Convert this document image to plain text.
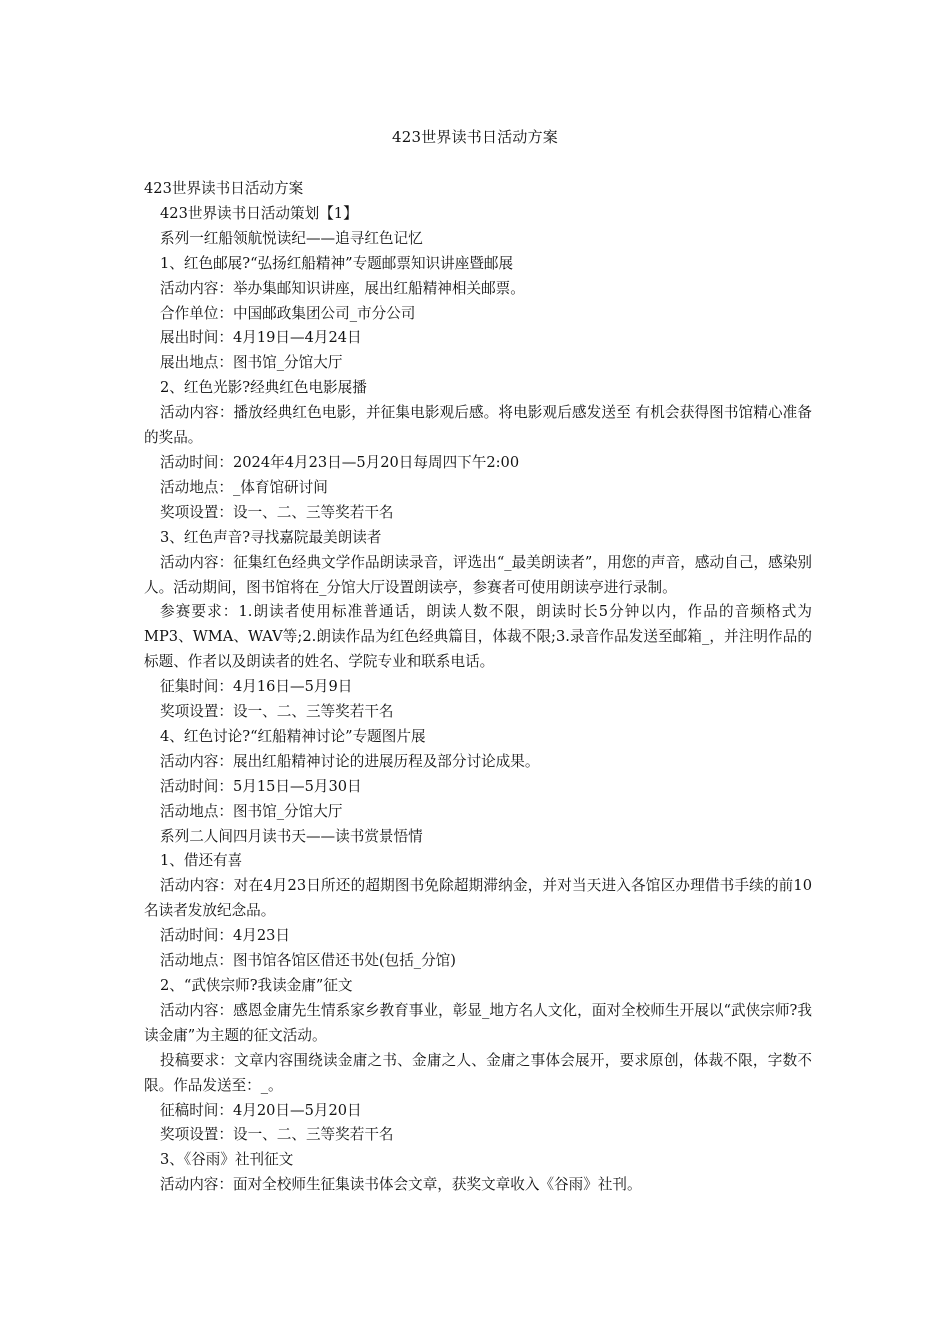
423世界读书日活动方案

423世界读书日活动方案

423世界读书日活动策划【1】

系列一红船领航悦读纪——追寻红色记忆

1、红色邮展?“弘扬红船精神”专题邮票知识讲座暨邮展

活动内容：举办集邮知识讲座，展出红船精神相关邮票。

合作单位：中国邮政集团公司_市分公司

展出时间：4月19日—4月24日

展出地点：图书馆_分馆大厅

2、红色光影?经典红色电影展播

活动内容：播放经典红色电影，并征集电影观后感。将电影观后感发送至 有机会获得图书馆精心准备的奖品。

活动时间：2024年4月23日—5月20日每周四下午2:00

活动地点：_体育馆研讨间

奖项设置：设一、二、三等奖若干名

3、红色声音?寻找嘉院最美朗读者

活动内容：征集红色经典文学作品朗读录音，评选出“_最美朗读者”，用您的声音，感动自己，感染别人。活动期间，图书馆将在_分馆大厅设置朗读亭，参赛者可使用朗读亭进行录制。

参赛要求：1.朗读者使用标准普通话，朗读人数不限，朗读时长5分钟以内，作品的音频格式为MP3、WMA、WAV等;2.朗读作品为红色经典篇目，体裁不限;3.录音作品发送至邮箱_，并注明作品的标题、作者以及朗读者的姓名、学院专业和联系电话。

征集时间：4月16日—5月9日

奖项设置：设一、二、三等奖若干名

4、红色讨论?“红船精神讨论”专题图片展

活动内容：展出红船精神讨论的进展历程及部分讨论成果。

活动时间：5月15日—5月30日

活动地点：图书馆_分馆大厅

系列二人间四月读书天——读书赏景悟情

1、借还有喜

活动内容：对在4月23日所还的超期图书免除超期滞纳金，并对当天进入各馆区办理借书手续的前10名读者发放纪念品。

活动时间：4月23日

活动地点：图书馆各馆区借还书处(包括_分馆)

2、“武侠宗师?我读金庸”征文

活动内容：感恩金庸先生情系家乡教育事业，彰显_地方名人文化，面对全校师生开展以“武侠宗师?我读金庸”为主题的征文活动。

投稿要求：文章内容围绕读金庸之书、金庸之人、金庸之事体会展开，要求原创，体裁不限，字数不限。作品发送至：_。

征稿时间：4月20日—5月20日

奖项设置：设一、二、三等奖若干名

3、《谷雨》社刊征文

活动内容：面对全校师生征集读书体会文章，获奖文章收入《谷雨》社刊。
